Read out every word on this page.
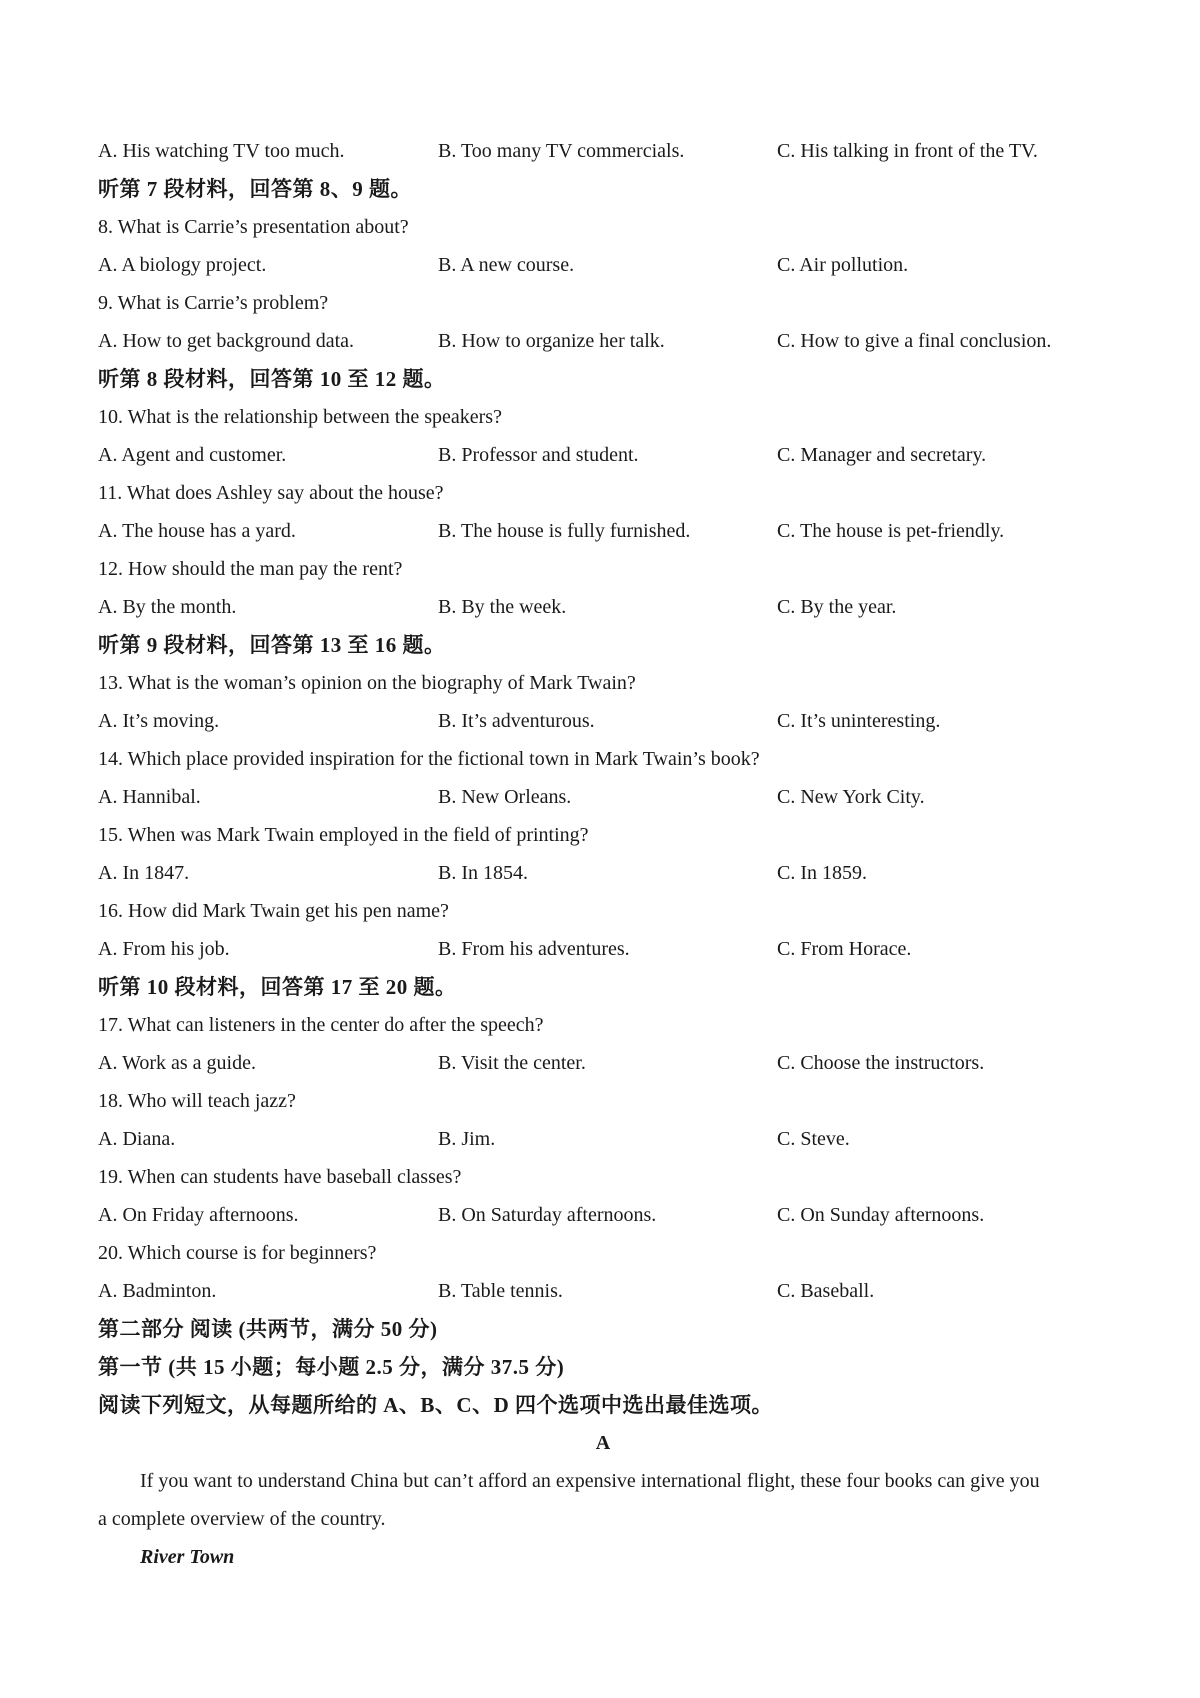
A. His watching TV too much.	B. Too many TV commercials.	C. His talking in front of the TV.
听第 7 段材料，回答第 8、9 题。
8. What is Carrie’s presentation about?
A. A biology project.	B. A new course.	C. Air pollution.
9. What is Carrie’s problem?
A. How to get background data.	B. How to organize her talk.	C. How to give a final conclusion.
听第 8 段材料，回答第 10 至 12 题。
10. What is the relationship between the speakers?
A. Agent and customer.	B. Professor and student.	C. Manager and secretary.
11. What does Ashley say about the house?
A. The house has a yard.	B. The house is fully furnished.	C. The house is pet-friendly.
12. How should the man pay the rent?
A. By the month.	B. By the week.	C. By the year.
听第 9 段材料，回答第 13 至 16 题。
13. What is the woman’s opinion on the biography of Mark Twain?
A. It’s moving.	B. It’s adventurous.	C. It’s uninteresting.
14. Which place provided inspiration for the fictional town in Mark Twain’s book?
A. Hannibal.	B. New Orleans.	C. New York City.
15. When was Mark Twain employed in the field of printing?
A. In 1847.	B. In 1854.	C. In 1859.
16. How did Mark Twain get his pen name?
A. From his job.	B. From his adventures.	C. From Horace.
听第 10 段材料，回答第 17 至 20 题。
17. What can listeners in the center do after the speech?
A. Work as a guide.	B. Visit the center.	C. Choose the instructors.
18. Who will teach jazz?
A. Diana.	B. Jim.	C. Steve.
19. When can students have baseball classes?
A. On Friday afternoons.	B. On Saturday afternoons.	C. On Sunday afternoons.
20. Which course is for beginners?
A. Badminton.	B. Table tennis.	C. Baseball.
第二部分 阅读 (共两节，满分 50 分)
第一节 (共 15 小题；每小题 2.5 分，满分 37.5 分)
阅读下列短文，从每题所给的 A、B、C、D 四个选项中选出最佳选项。
A
If you want to understand China but can’t afford an expensive international flight, these four books can give you
a complete overview of the country.
River Town
